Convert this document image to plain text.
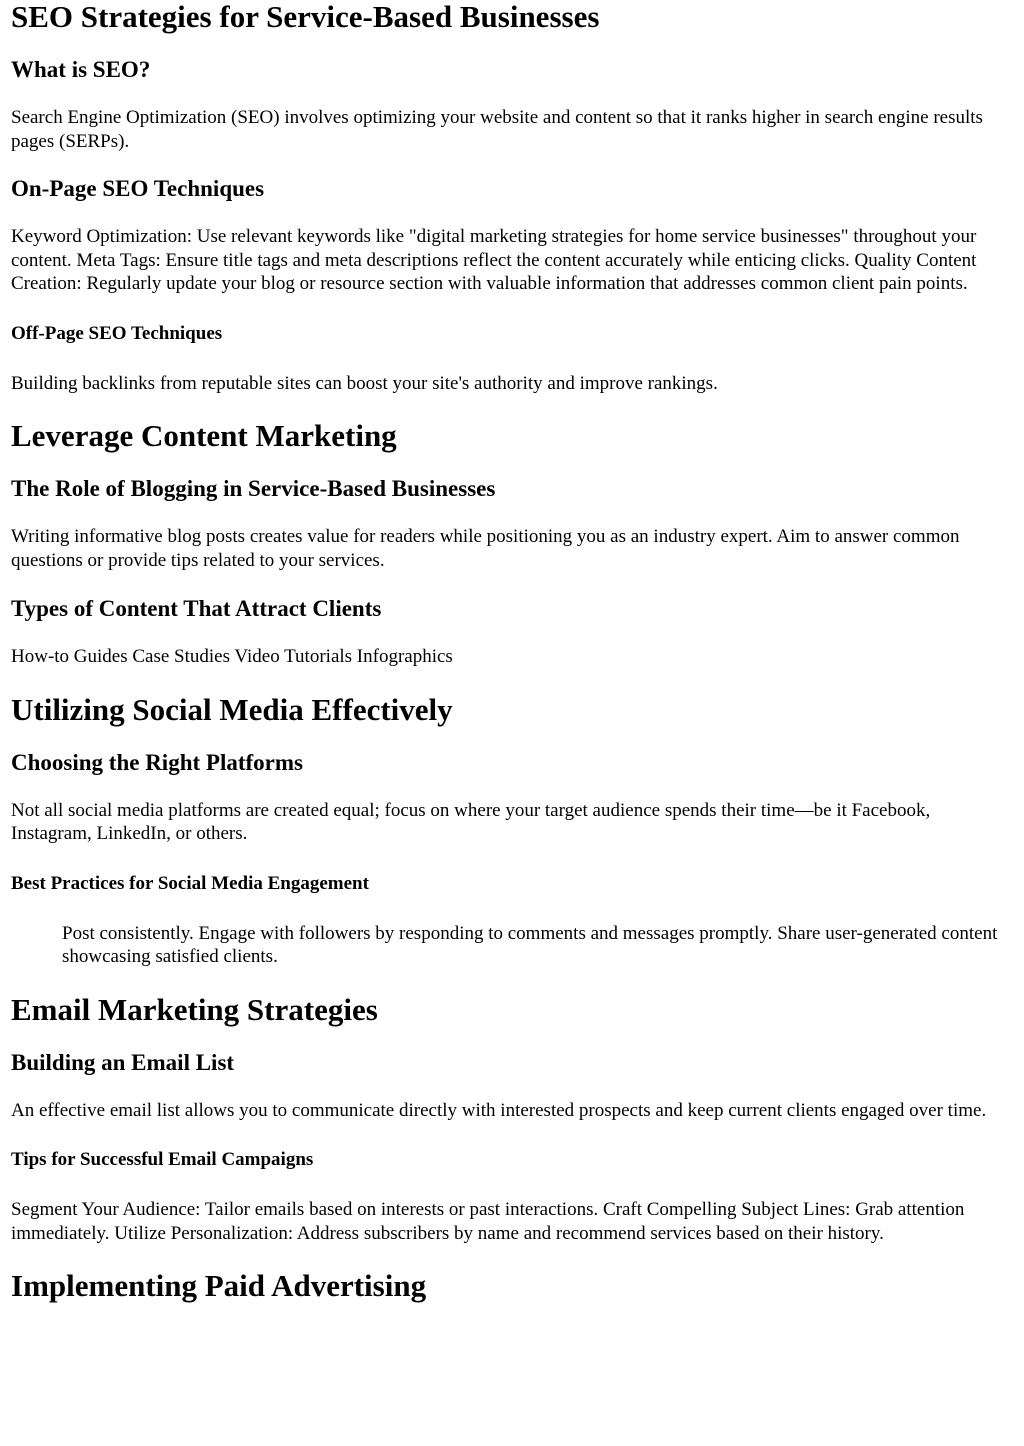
SEO Strategies for Service-Based Businesses
What is SEO?

Search Engine Optimization (SEO) involves optimizing your website and content so that it ranks higher in search engine results pages (SERPs).

On-Page SEO Techniques

Keyword Optimization: Use relevant keywords like "digital marketing strategies for home service businesses" throughout your content. Meta Tags: Ensure title tags and meta descriptions reflect the content accurately while enticing clicks. Quality Content Creation: Regularly update your blog or resource section with valuable information that addresses common client pain points.

Off-Page SEO Techniques

Building backlinks from reputable sites can boost your site's authority and improve rankings.

Leverage Content Marketing
The Role of Blogging in Service-Based Businesses

Writing informative blog posts creates value for readers while positioning you as an industry expert. Aim to answer common questions or provide tips related to your services.

Types of Content That Attract Clients

How-to Guides Case Studies Video Tutorials Infographics

Utilizing Social Media Effectively
Choosing the Right Platforms

Not all social media platforms are created equal; focus on where your target audience spends their time—be it Facebook, Instagram, LinkedIn, or others.

Best Practices for Social Media Engagement
Post consistently. Engage with followers by responding to comments and messages promptly. Share user-generated content showcasing satisfied clients.
Email Marketing Strategies
Building an Email List

An effective email list allows you to communicate directly with interested prospects and keep current clients engaged over time.

Tips for Successful Email Campaigns

Segment Your Audience: Tailor emails based on interests or past interactions. Craft Compelling Subject Lines: Grab attention immediately. Utilize Personalization: Address subscribers by name and recommend services based on their history.

Implementing Paid Advertising
